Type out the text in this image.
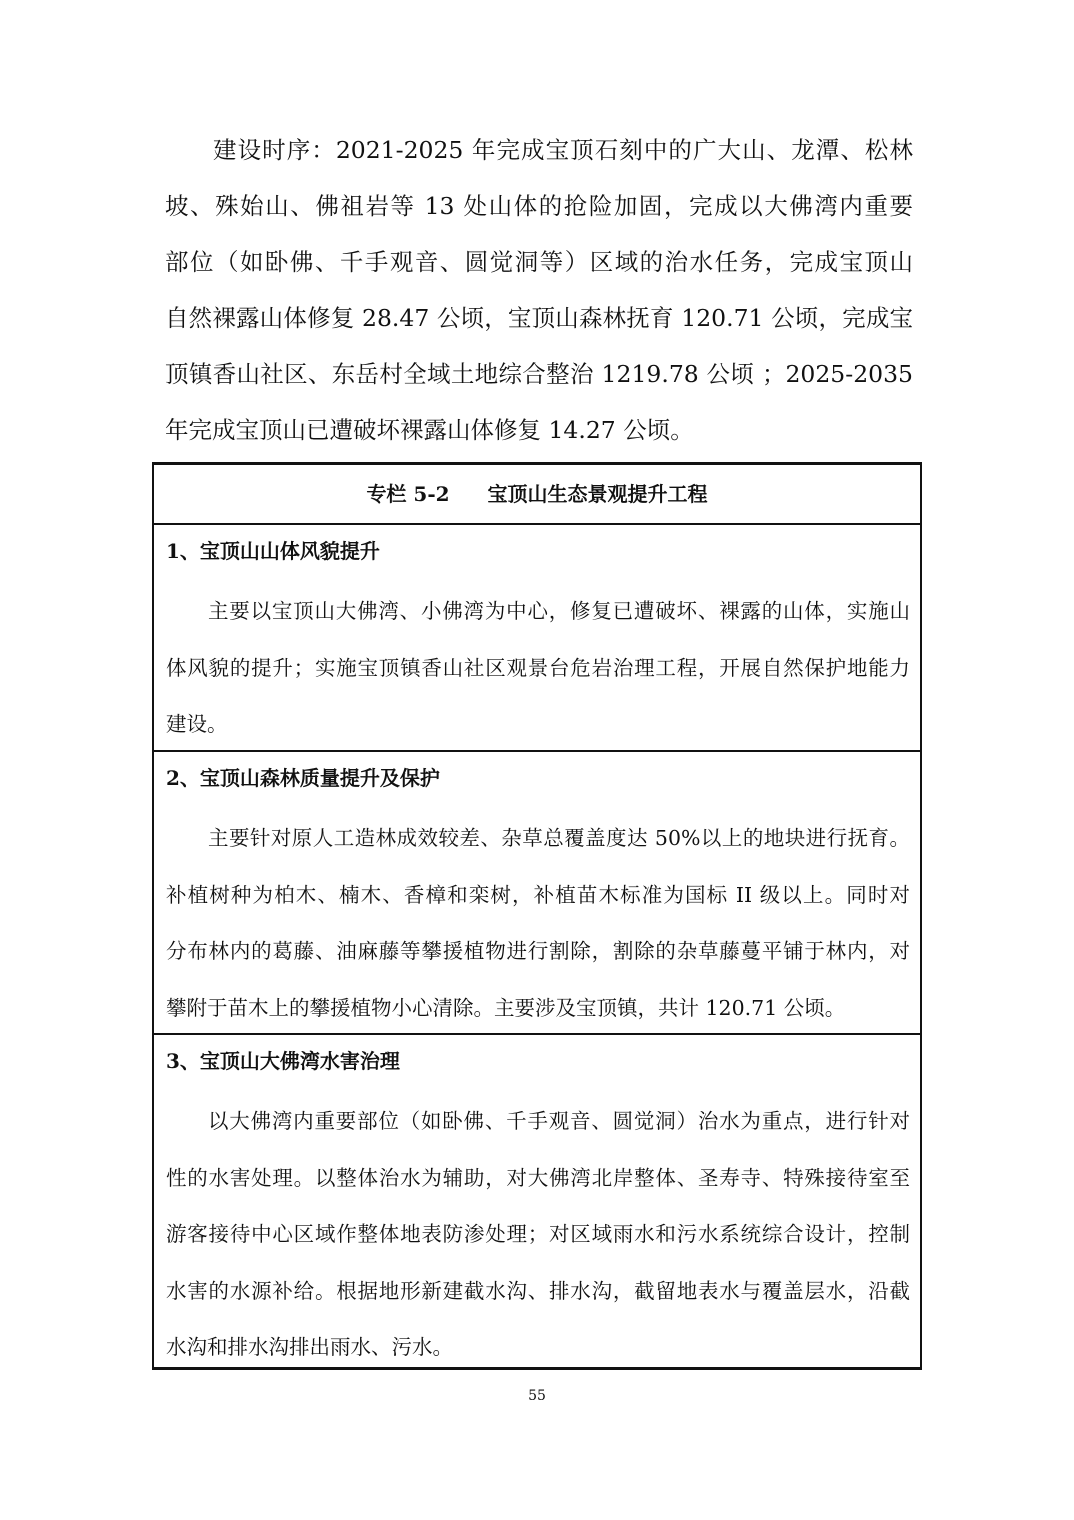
建设时序：2021-2025 年完成宝顶石刻中的广大山、龙潭、松林
坡、殊始山、佛祖岩等 13 处山体的抢险加固，完成以大佛湾内重要
部位（如卧佛、千手观音、圆觉洞等）区域的治水任务，完成宝顶山
自然裸露山体修复 28.47 公顷，宝顶山森林抚育 120.71 公顷，完成宝
顶镇香山社区、东岳村全域土地综合整治 1219.78 公顷 ；2025-2035
年完成宝顶山已遭破坏裸露山体修复 14.27 公顷。
专栏 5-2 宝顶山生态景观提升工程
1、宝顶山山体风貌提升
主要以宝顶山大佛湾、小佛湾为中心，修复已遭破坏、裸露的山体，实施山
体风貌的提升；实施宝顶镇香山社区观景台危岩治理工程，开展自然保护地能力
建设。
2、宝顶山森林质量提升及保护
主要针对原人工造林成效较差、杂草总覆盖度达 50%以上的地块进行抚育。
补植树种为柏木、楠木、香樟和栾树，补植苗木标准为国标 II 级以上。同时对
分布林内的葛藤、油麻藤等攀援植物进行割除，割除的杂草藤蔓平铺于林内，对
攀附于苗木上的攀援植物小心清除。主要涉及宝顶镇，共计 120.71 公顷。
3、宝顶山大佛湾水害治理
以大佛湾内重要部位（如卧佛、千手观音、圆觉洞）治水为重点，进行针对
性的水害处理。以整体治水为辅助，对大佛湾北岸整体、圣寿寺、特殊接待室至
游客接待中心区域作整体地表防渗处理；对区域雨水和污水系统综合设计，控制
水害的水源补给。根据地形新建截水沟、排水沟，截留地表水与覆盖层水，沿截
水沟和排水沟排出雨水、污水。
55
